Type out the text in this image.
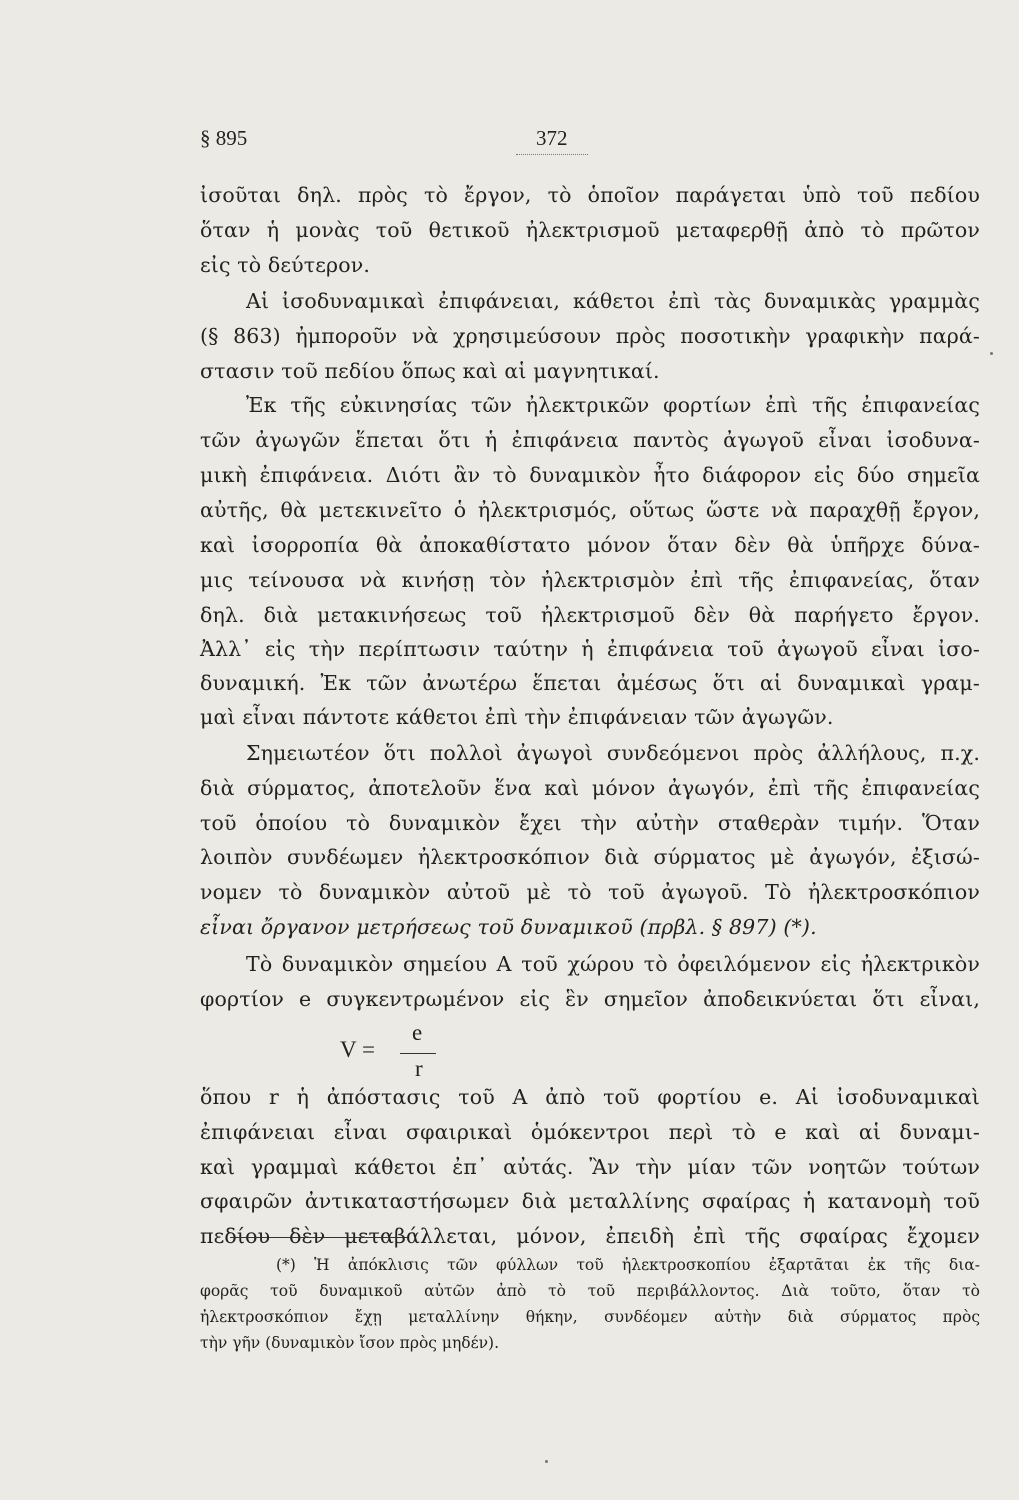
§ 895	372
ἰσοῦται δηλ. πρὸς τὸ ἔργον, τὸ ὁποῖον παράγεται ὑπὸ τοῦ πεδίου
ὅταν ἡ μονὰς τοῦ θετικοῦ ἠλεκτρισμοῦ μεταφερθῇ ἀπὸ τὸ πρῶτον
εἰς τὸ δεύτερον.
Αἱ ἰσοδυναμικαὶ ἐπιφάνειαι, κάθετοι ἐπὶ τὰς δυναμικὰς γραμμὰς
(§ 863) ἠμποροῦν νὰ χρησιμεύσουν πρὸς ποσοτικὴν γραφικὴν παρά-
στασιν τοῦ πεδίου ὅπως καὶ αἱ μαγνητικαί.
Ἐκ τῆς εὐκινησίας τῶν ἠλεκτρικῶν φορτίων ἐπὶ τῆς ἐπιφανείας
τῶν ἀγωγῶν ἕπεται ὅτι ἡ ἐπιφάνεια παντὸς ἀγωγοῦ εἶναι ἰσοδυνα-
μικὴ ἐπιφάνεια. Διότι ἂν τὸ δυναμικὸν ἦτο διάφορον εἰς δύο σημεῖα
αὐτῆς, θὰ μετεκινεῖτο ὁ ἠλεκτρισμός, οὕτως ὥστε νὰ παραχθῇ ἔργον,
καὶ ἰσορροπία θὰ ἀποκαθίστατο μόνον ὅταν δὲν θὰ ὑπῆρχε δύνα-
μις τείνουσα νὰ κινήσῃ τὸν ἠλεκτρισμὸν ἐπὶ τῆς ἐπιφανείας, ὅταν
δηλ. διὰ μετακινήσεως τοῦ ἠλεκτρισμοῦ δὲν θὰ παρήγετο ἔργον.
Ἀλλ᾽ εἰς τὴν περίπτωσιν ταύτην ἡ ἐπιφάνεια τοῦ ἀγωγοῦ εἶναι ἰσο-
δυναμική. Ἐκ τῶν ἀνωτέρω ἕπεται ἀμέσως ὅτι αἱ δυναμικαὶ γραμ-
μαὶ εἶναι πάντοτε κάθετοι ἐπὶ τὴν ἐπιφάνειαν τῶν ἀγωγῶν.
Σημειωτέον ὅτι πολλοὶ ἀγωγοὶ συνδεόμενοι πρὸς ἀλλήλους, π.χ.
διὰ σύρματος, ἀποτελοῦν ἕνα καὶ μόνον ἀγωγόν, ἐπὶ τῆς ἐπιφανείας
τοῦ ὁποίου τὸ δυναμικὸν ἔχει τὴν αὐτὴν σταθερὰν τιμήν. Ὅταν
λοιπὸν συνδέωμεν ἠλεκτροσκόπιον διὰ σύρματος μὲ ἀγωγόν, ἐξισώ-
νομεν τὸ δυναμικὸν αὐτοῦ μὲ τὸ τοῦ ἀγωγοῦ. Τὸ ἠλεκτροσκόπιον
εἶναι ὄργανον μετρήσεως τοῦ δυναμικοῦ (πρβλ. § 897) (*).
Τὸ δυναμικὸν σημείου Α τοῦ χώρου τὸ ὀφειλόμενον εἰς ἠλεκτρικὸν
φορτίον e συγκεντρωμένον εἰς ἓν σημεῖον ἀποδεικνύεται ὅτι εἶναι,
ὅπου r ἡ ἀπόστασις τοῦ Α ἀπὸ τοῦ φορτίου e. Αἱ ἰσοδυναμικαὶ
ἐπιφάνειαι εἶναι σφαιρικαὶ ὁμόκεντροι περὶ τὸ e καὶ αἱ δυναμι-
καὶ γραμμαὶ κάθετοι ἐπ᾽ αὐτάς. Ἂν τὴν μίαν τῶν νοητῶν τούτων
σφαιρῶν ἀντικαταστήσωμεν διὰ μεταλλίνης σφαίρας ἡ κατανομὴ τοῦ
πεδίου δὲν μεταβάλλεται, μόνον, ἐπειδὴ ἐπὶ τῆς σφαίρας ἔχομεν
V =
e
r
(*) Ἡ ἀπόκλισις τῶν φύλλων τοῦ ἠλεκτροσκοπίου ἐξαρτᾶται ἐκ τῆς δια-
φορᾶς τοῦ δυναμικοῦ αὐτῶν ἀπὸ τὸ τοῦ περιβάλλοντος. Διὰ τοῦτο, ὅταν τὸ
ἠλεκτροσκόπιον ἔχῃ μεταλλίνην θήκην, συνδέομεν αὐτὴν διὰ σύρματος πρὸς
τὴν γῆν (δυναμικὸν ἴσον πρὸς μηδέν).
